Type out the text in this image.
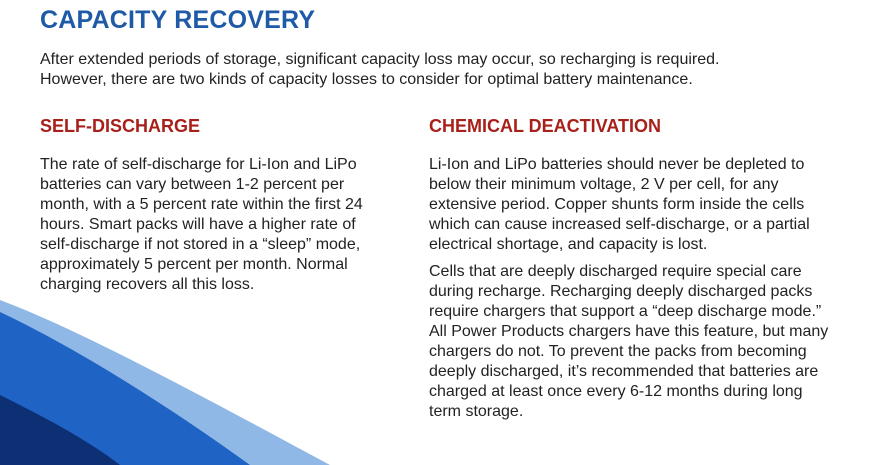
CAPACITY RECOVERY

After extended periods of storage, significant capacity loss may occur, so recharging is required.

However, there are two kinds of capacity losses to consider for optimal battery maintenance.

SELF-DISCHARGE

The rate of self-discharge for Li-Ion and LiPo batteries can vary between 1-2 percent per month, with a 5 percent rate within the first 24 hours. Smart packs will have a higher rate of self-discharge if not stored in a “sleep” mode, approximately 5 percent per month. Normal charging recovers all this loss.

CHEMICAL DEACTIVATION

Li-Ion and LiPo batteries should never be depleted to below their minimum voltage, 2 V per cell, for any extensive period. Copper shunts form inside the cells which can cause increased self-discharge, or a partial electrical shortage, and capacity is lost.

Cells that are deeply discharged require special care during recharge. Recharging deeply discharged packs require chargers that support a “deep discharge mode.” All Power Products chargers have this feature, but many chargers do not. To prevent the packs from becoming deeply discharged, it’s recommended that batteries are charged at least once every 6-12 months during long term storage.
